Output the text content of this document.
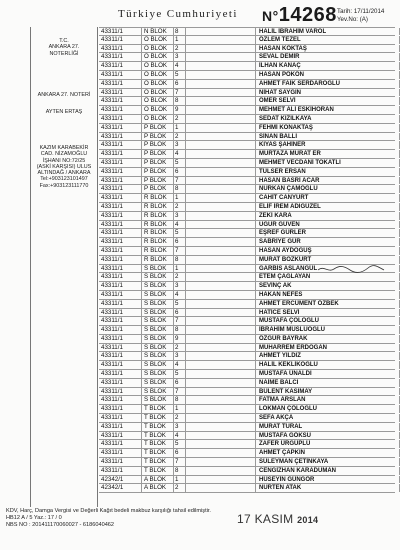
Türkiye Cumhuriyeti N°14268 Tarih: 17/11/2014
Yev.No: (A)
T.C.
ANKARA 27.
NOTERLİĞİ
ANKARA 27. NOTERİ
AYTEN ERTAŞ
KAZIM KARABEKİR
CAD. NİZAMOĞLU
İŞHANI NO:72/25
(ASKİ KARŞISI) ULUS
ALTINDAĞ / ANKARA
Tel:+903123101497
Fax:+903123111770
43311/1	N BLOK	8	HALİL İBRAHİM VAROL
43311/1	O BLOK	1	ÖZLEM TEZEL
43311/1	O BLOK	2	HASAN KÖKTAŞ
43311/1	O BLOK	3	SEVAL DEMİR
43311/1	O BLOK	4	İLHAN KANAÇ
43311/1	O BLOK	5	HASAN PÖKÖN
43311/1	O BLOK	6	AHMET FAİK SERDAROĞLU
43311/1	O BLOK	7	NİHAT SAYGIN
43311/1	O BLOK	8	ÖMER SELVİ
43311/1	O BLOK	9	MEHMET ALİ ESKİHORAN
43311/1	O BLOK	2	SEDAT KIZILKAYA
43311/1	P BLOK	1	FEHMİ KONAKTAŞ
43311/1	P BLOK	2	SİNAN BALLI
43311/1	P BLOK	3	KIYAS ŞAHİNER
43311/1	P BLOK	4	MURTAZA MURAT ER
43311/1	P BLOK	5	MEHMET VECDANİ TOKATLI
43311/1	P BLOK	6	TÜLSER ERSAN
43311/1	P BLOK	7	HASAN BASRİ ACAR
43311/1	P BLOK	8	NURKAN ÇAMOĞLU
43311/1	R BLOK	1	CAHİT CANYURT
43311/1	R BLOK	2	ELİF İREM ADIGÜZEL
43311/1	R BLOK	3	ZEKİ KARA
43311/1	R BLOK	4	UĞUR GÜVEN
43311/1	R BLOK	5	EŞREF GÜRLER
43311/1	R BLOK	6	SABRİYE GÜR
43311/1	R BLOK	7	HASAN AYDOĞUŞ
43311/1	R BLOK	8	MURAT BOZKURT
43311/1	S BLOK	1	GARBİS ASLANGÜL
43311/1	S BLOK	2	ETEM ÇAĞLAYAN
43311/1	S BLOK	3	SEVİNÇ AK
43311/1	S BLOK	4	HAKAN NEFES
43311/1	S BLOK	5	AHMET ERCÜMENT ÖZBEK
43311/1	S BLOK	6	HATİCE SELVİ
43311/1	S BLOK	7	MUSTAFA ÇOLOĞLU
43311/1	S BLOK	8	İBRAHİM MUSLUOĞLU
43311/1	S BLOK	9	ÖZGÜR BAYRAK
43311/1	S BLOK	2	MUHARREM ERDOĞAN
43311/1	S BLOK	3	AHMET YILDIZ
43311/1	S BLOK	4	HALİL KEKLİKOĞLU
43311/1	S BLOK	5	MUSTAFA ÜNALDI
43311/1	S BLOK	6	NAİME BALCI
43311/1	S BLOK	7	BÜLENT KASIMAY
43311/1	S BLOK	8	FATMA ARSLAN
43311/1	T BLOK	1	LOKMAN ÇÖLOĞLU
43311/1	T BLOK	2	SEFA AKÇA
43311/1	T BLOK	3	MURAT TURAL
43311/1	T BLOK	4	MUSTAFA GÖKSU
43311/1	T BLOK	5	ZAFER ÜRGÜPLÜ
43311/1	T BLOK	6	AHMET ÇAPKIN
43311/1	T BLOK	7	SÜLEYMAN ÇETİNKAYA
43311/1	T BLOK	8	CENGİZHAN KARADUMAN
42342/1	A BLOK	1	HÜSEYİN GÜNGÖR
42342/1	A BLOK	2	NURTEN ATAK
KDV, Harç, Damga Vergisi ve Değerli Kağıt bedeli makbuz karşılığı tahsil edilmiştir.
HB12 A / 5 Yaz.: 17 / 0
NBS NO : 201411170060027 - 6186040462	17 KASIM 2014
